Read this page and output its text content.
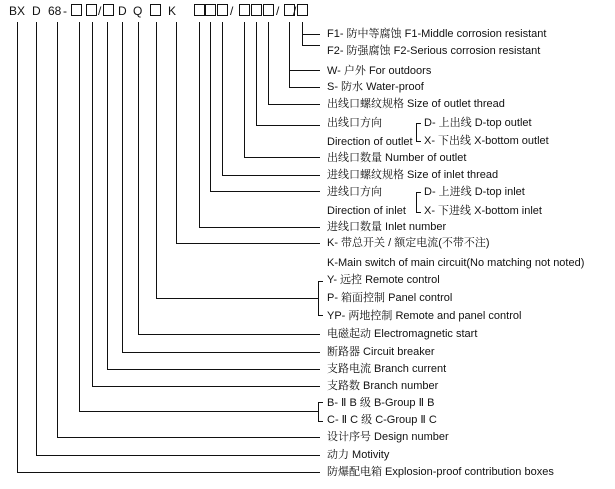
BX D 68 -	/ D Q K	/	/ /
F1- 防中等腐蚀 F1-Middle corrosion resistant
F2- 防强腐蚀 F2-Serious corrosion resistant
W- 户外 For outdoors
S- 防水 Water-proof
出线口螺纹规格 Size of outlet thread
出线口方向
Direction of outlet
D- 上出线 D-top outlet
X- 下出线 X-bottom outlet
出线口数量 Number of outlet
进线口螺纹规格 Size of inlet thread
进线口方向
Direction of inlet
D- 上进线 D-top inlet
X- 下进线 X-bottom inlet
进线口数量 Inlet number
K- 带总开关 / 额定电流(不带不注)
K-Main switch of main circuit(No matching not noted)
Y- 远控 Remote control
P- 箱面控制 Panel control
YP- 两地控制 Remote and panel control
电磁起动 Electromagnetic start
断路器 Circuit breaker
支路电流 Branch current
支路数 Branch number
B- Ⅱ B 级 B-Group Ⅱ B
C- Ⅱ C 级 C-Group Ⅱ C
设计序号 Design number
动力 Motivity
防爆配电箱 Explosion-proof contribution boxes
